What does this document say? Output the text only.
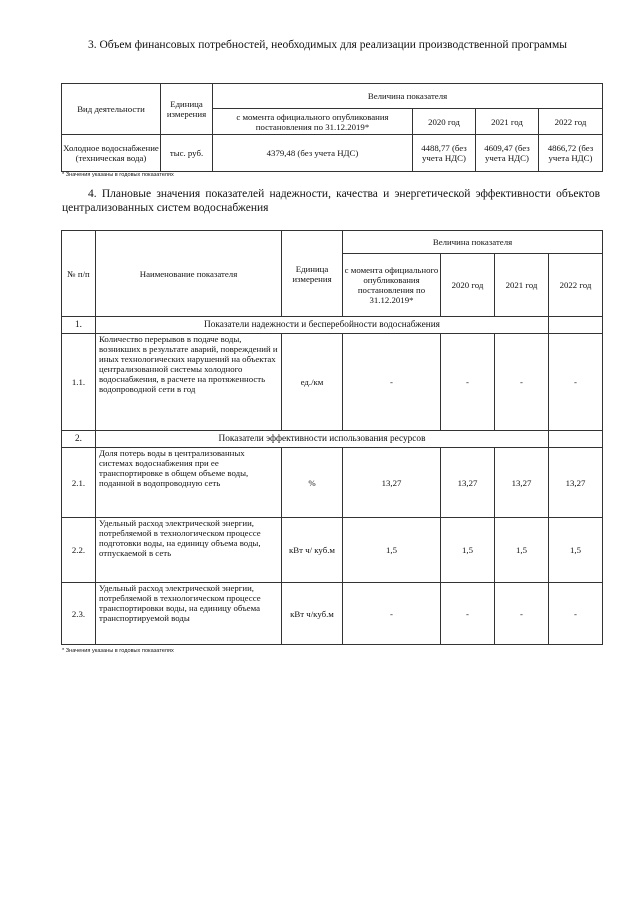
3. Объем финансовых потребностей, необходимых для реализации производственной программы
Вид деятельности	Единица измерения	Величина показателя			
		с момента официального опубликования постановления по 31.12.2019*	2020 год	2021 год	2022 год
Холодное водоснабжение (техническая вода)	тыс. руб.	4379,48 (без учета НДС)	4488,77 (без учета НДС)	4609,47 (без учета НДС)	4866,72 (без учета НДС)
* Значения указаны в годовых показателях
4. Плановые значения показателей надежности, качества и энергетической эффективности объектов централизованных систем водоснабжения
№ п/п	Наименование показателя	Единица измерения	Величина показателя			
			с момента официального опубликования постановления по 31.12.2019*	2020 год	2021 год	2022 год
1.	Показатели надежности и бесперебойности водоснабжения					
1.1.	Количество перерывов в подаче воды, возникших в результате аварий, повреждений и иных технологических нарушений на объектах централизованной системы холодного водоснабжения, в расчете на протяженность водопроводной сети в год	ед./км	-	-	-	-
2.	Показатели эффективности использования ресурсов					
2.1.	Доля потерь воды в централизованных системах водоснабжения при ее транспортировке в общем объеме воды, поданной в водопроводную сеть	%	13,27	13,27	13,27	13,27
2.2.	Удельный расход электрической энергии, потребляемой в технологическом процессе подготовки воды, на единицу объема воды, отпускаемой в сеть	кВт ч/ куб.м	1,5	1,5	1,5	1,5
2.3.	Удельный расход электрической энергии, потребляемой в технологическом процессе транспортировки воды, на единицу объема транспортируемой воды	кВт ч/куб.м	-	-	-	-
* Значения указаны в годовых показателях
